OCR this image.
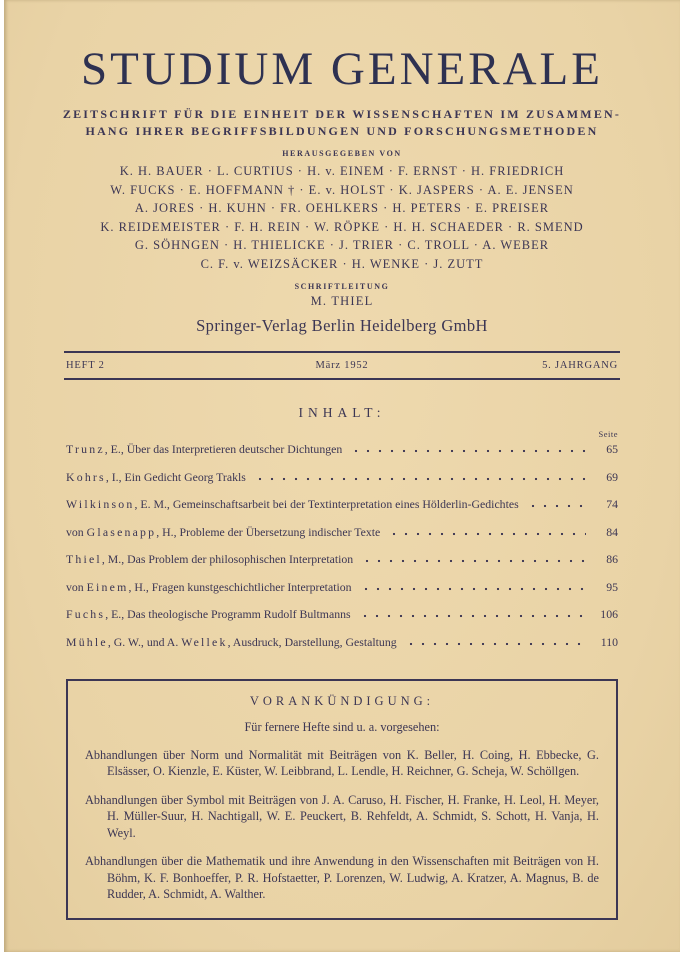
STUDIUM GENERALE
ZEITSCHRIFT FÜR DIE EINHEIT DER WISSENSCHAFTEN IM ZUSAMMEN-
HANG IHRER BEGRIFFSBILDUNGEN UND FORSCHUNGSMETHODEN
HERAUSGEGEBEN VON
K. H. BAUER · L. CURTIUS · H. v. EINEM · F. ERNST · H. FRIEDRICH
W. FUCKS · E. HOFFMANN † · E. v. HOLST · K. JASPERS · A. E. JENSEN
A. JORES · H. KUHN · FR. OEHLKERS · H. PETERS · E. PREISER
K. REIDEMEISTER · F. H. REIN · W. RÖPKE · H. H. SCHAEDER · R. SMEND
G. SÖHNGEN · H. THIELICKE · J. TRIER · C. TROLL · A. WEBER
C. F. v. WEIZSÄCKER · H. WENKE · J. ZUTT
SCHRIFTLEITUNG
M. THIEL
Springer-Verlag Berlin Heidelberg GmbH
HEFT 2	März 1952	5. JAHRGANG
INHALT:
Seite
Trunz, E., Über das Interpretieren deutscher Dichtungen	65
Kohrs, I., Ein Gedicht Georg Trakls	69
Wilkinson, E. M., Gemeinschaftsarbeit bei der Textinterpretation eines Hölderlin-Gedichtes	74
von Glasenapp, H., Probleme der Übersetzung indischer Texte	84
Thiel, M., Das Problem der philosophischen Interpretation	86
von Einem, H., Fragen kunstgeschichtlicher Interpretation	95
Fuchs, E., Das theologische Programm Rudolf Bultmanns	106
Mühle, G. W., und A. Wellek, Ausdruck, Darstellung, Gestaltung	110
VORANKÜNDIGUNG:
Für fernere Hefte sind u. a. vorgesehen:

Abhandlungen über Norm und Normalität mit Beiträgen von K. Beller, H. Coing, H. Ebbecke, G. Elsässer, O. Kienzle, E. Küster, W. Leibbrand, L. Lendle, H. Reichner, G. Scheja, W. Schöllgen.

Abhandlungen über Symbol mit Beiträgen von J. A. Caruso, H. Fischer, H. Franke, H. Leol, H. Meyer, H. Müller-Suur, H. Nachtigall, W. E. Peuckert, B. Rehfeldt, A. Schmidt, S. Schott, H. Vanja, H. Weyl.

Abhandlungen über die Mathematik und ihre Anwendung in den Wissenschaften mit Beiträgen von H. Böhm, K. F. Bonhoeffer, P. R. Hofstaetter, P. Lorenzen, W. Ludwig, A. Kratzer, A. Magnus, B. de Rudder, A. Schmidt, A. Walther.
